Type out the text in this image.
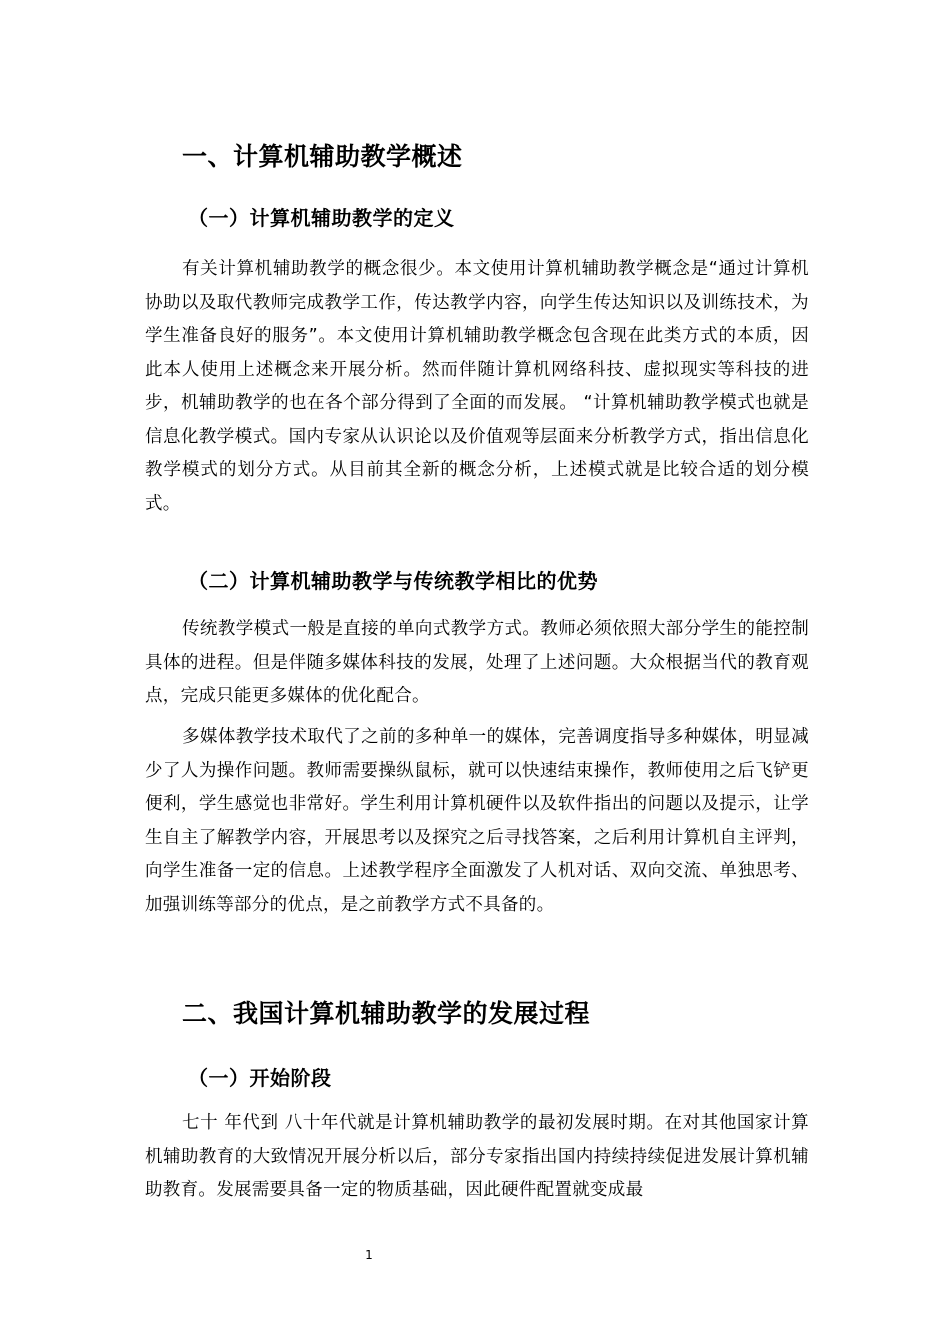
一、计算机辅助教学概述
（一）计算机辅助教学的定义

有关计算机辅助教学的概念很少。本文使用计算机辅助教学概念是“通过计算机协助以及取代教师完成教学工作，传达教学内容，向学生传达知识以及训练技术，为学生准备良好的服务”。本文使用计算机辅助教学概念包含现在此类方式的本质，因此本人使用上述概念来开展分析。然而伴随计算机网络科技、虚拟现实等科技的进步，机辅助教学的也在各个部分得到了全面的而发展。 “计算机辅助教学模式也就是信息化教学模式。国内专家从认识论以及价值观等层面来分析教学方式，指出信息化教学模式的划分方式。从目前其全新的概念分析，上述模式就是比较合适的划分模式。

（二）计算机辅助教学与传统教学相比的优势

传统教学模式一般是直接的单向式教学方式。教师必须依照大部分学生的能控制具体的进程。但是伴随多媒体科技的发展，处理了上述问题。大众根据当代的教育观点，完成只能更多媒体的优化配合。

多媒体教学技术取代了之前的多种单一的媒体，完善调度指导多种媒体，明显减少了人为操作问题。教师需要操纵鼠标，就可以快速结束操作，教师使用之后飞铲更便利，学生感觉也非常好。学生利用计算机硬件以及软件指出的问题以及提示，让学生自主了解教学内容，开展思考以及探究之后寻找答案，之后利用计算机自主评判，向学生准备一定的信息。上述教学程序全面激发了人机对话、双向交流、单独思考、加强训练等部分的优点，是之前教学方式不具备的。

二、我国计算机辅助教学的发展过程
（一）开始阶段

七十 年代到 八十年代就是计算机辅助教学的最初发展时期。在对其他国家计算机辅助教育的大致情况开展分析以后，部分专家指出国内持续持续促进发展计算机辅助教育。发展需要具备一定的物质基础，因此硬件配置就变成最

1
